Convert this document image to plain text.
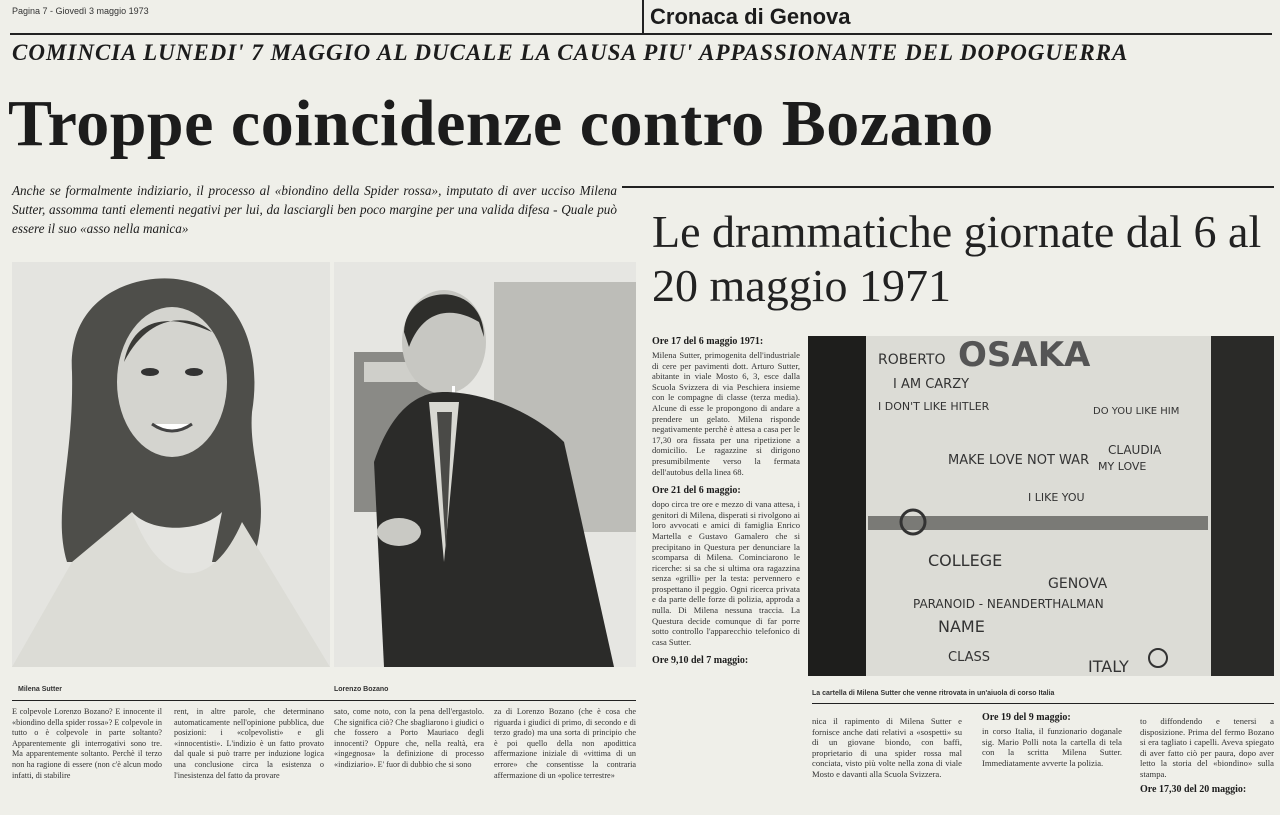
Pagina 7 - Giovedì 3 maggio 1973	Cronaca di Genova
COMINCIA LUNEDI' 7 MAGGIO AL DUCALE LA CAUSA PIU' APPASSIONANTE DEL DOPOGUERRA
Troppe coincidenze contro Bozano
Anche se formalmente indiziario, il processo al «biondino della Spider rossa», imputato di aver ucciso Milena Sutter, assomma tanti elementi negativi per lui, da lasciargli ben poco margine per una valida difesa - Quale può essere il suo «asso nella manica»
Milena Sutter	Lorenzo Bozano
E colpevole Lorenzo Bozano? E innocente il «biondino della spider rossa»? E colpevole in tutto o è colpevole in parte soltanto? Apparentemente gli interrogativi sono tre. Ma apparentemente soltanto. Perchè il terzo non ha ragione di essere (non c'è alcun modo infatti, di stabilire
rent, in altre parole, che determinano automaticamente nell'opinione pubblica, due posizioni: i «colpevolisti» e gli «innocentisti». L'indizio è un fatto provato dal quale si può trarre per induzione logica una conclusione circa la esistenza o l'inesistenza del fatto da provare
sato, come noto, con la pena dell'ergastolo. Che significa ciò? Che sbagliarono i giudici o che fossero a Porto Mauriaco degli innocenti? Oppure che, nella realtà, era «ingegnosa» la definizione di processo «indiziario». E' fuor di dubbio che si sono
za di Lorenzo Bozano (che è cosa che riguarda i giudici di primo, di secondo e di terzo grado) ma una sorta di principio che è poi quello della non apodittica affermazione iniziale di «vittima di un errore» che consentisse la contraria affermazione di un «police terrestre»
Le drammatiche giornate dal 6 al 20 maggio 1971
Ore 17 del 6 maggio 1971:
Milena Sutter, primogenita dell'industriale di cere per pavimenti dott. Arturo Sutter, abitante in viale Mosto 6, 3, esce dalla Scuola Svizzera di via Peschiera insieme con le compagne di classe (terza media). Alcune di esse le propongono di andare a prendere un gelato. Milena risponde negativamente perchè è attesa a casa per le 17,30 ora fissata per una ripetizione a domicilio. Le ragazzine si dirigono presumibilmente verso la fermata dell'autobus della linea 68.
Ore 21 del 6 maggio:
dopo circa tre ore e mezzo di vana attesa, i genitori di Milena, disperati si rivolgono ai loro avvocati e amici di famiglia Enrico Martella e Gustavo Gamalero che si precipitano in Questura per denunciare la scomparsa di Milena. Cominciarono le ricerche: si sa che si ultima ora ragazzina senza «grilli» per la testa: pervennero e prospettano il peggio. Ogni ricerca privata e da parte delle forze di polizia, approda a nulla. Di Milena nessuna traccia. La Questura decide comunque di far porre sotto controllo l'apparecchio telefonico di casa Sutter.
Ore 9,10 del 7 maggio:
OSAKA
ROBERTO
I AM CARZY
I DON'T LIKE HITLER
MAKE LOVE NOT WAR
I LIKE YOU
COLLEGE
GENOVA
PARANOID - NEANDERTHALMAN
NAME
CLASS	ITALY
CLAUDIA
MY LOVE
DO YOU LIKE HIM
La cartella di Milena Sutter che venne ritrovata in un'aiuola di corso Italia
nica il rapimento di Milena Sutter e fornisce anche dati relativi a «sospetti» su di un giovane biondo, con baffi, proprietario di una spider rossa mal conciata, visto più volte nella zona di viale Mosto e davanti alla Scuola Svizzera.
Ore 19 del 9 maggio:
in corso Italia, il funzionario doganale sig. Mario Polli nota la cartella di tela con la scritta Milena Sutter. Immediatamente avverte la polizia.
to diffondendo e tenersi a disposizione. Prima del fermo Bozano si era tagliato i capelli. Aveva spiegato di aver fatto ciò per paura, dopo aver letto la storia del «biondino» sulla stampa.
Ore 17,30 del 20 maggio:
